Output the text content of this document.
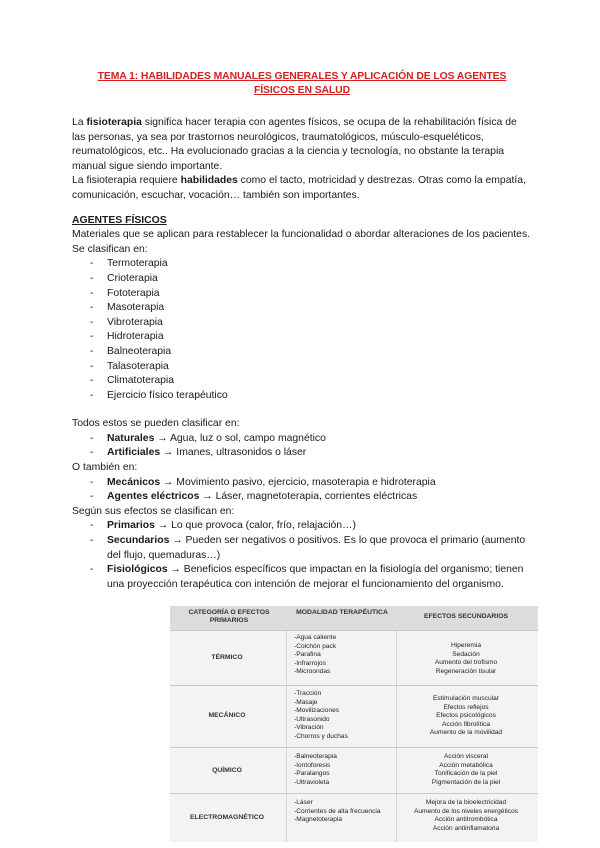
TEMA 1: HABILIDADES MANUALES GENERALES Y APLICACIÓN DE LOS AGENTES
FÍSICOS EN SALUD

La fisioterapia significa hacer terapia con agentes físicos, se ocupa de la rehabilitación física de las personas, ya sea por trastornos neurológicos, traumatológicos, músculo-esqueléticos, reumatológicos, etc.. Ha evolucionado gracias a la ciencia y tecnología, no obstante la terapia manual sigue siendo importante.

La fisioterapia requiere habilidades como el tacto, motricidad y destrezas. Otras como la empatía, comunicación, escuchar, vocación… también son importantes.

AGENTES FÍSICOS

Materiales que se aplican para restablecer la funcionalidad o abordar alteraciones de los pacientes. Se clasifican en:

- Termoterapia
- Crioterapia
- Fototerapia
- Masoterapia
- Vibroterapia
- Hidroterapia
- Balneoterapia
- Talasoterapia
- Climatoterapia
- Ejercicio físico terapéutico

Todos estos se pueden clasificar en:

- Naturales → Agua, luz o sol, campo magnético
- Artificiales → Imanes, ultrasonidos o láser

O también en:

- Mecánicos → Movimiento pasivo, ejercicio, masoterapia e hidroterapia
- Agentes eléctricos → Láser, magnetoterapia, corrientes eléctricas

Según sus efectos se clasifican en:

- Primarios → Lo que provoca (calor, frío, relajación…)
- Secundarios → Pueden ser negativos o positivos. Es lo que provoca el primario (aumento del flujo, quemaduras…)
- Fisiológicos → Beneficios específicos que impactan en la fisiología del organismo; tienen una proyección terapéutica con intención de mejorar el funcionamiento del organismo.
CATEGORÍA O EFECTOS PRIMARIOS
MODALIDAD TERAPÉUTICA
EFECTOS SECUNDARIOS
TÉRMICO
-Agua caliente
-Colchón pack
-Parafina
-Infrarrojos
-Microondas
Hiperemia
Sedación
Aumento del trofismo
Regeneración tisular
MECÁNICO
-Tracción
-Masaje
-Movilizaciones
-Ultrasonido
-Vibración
-Chorros y duchas
Estimulación muscular
Efectos reflejos
Efectos psicológicos
Acción fibrolítica
Aumento de la movilidad
QUÍMICO
-Balneoterapia
-Iontoforesis
-Paralangos
-Ultravioleta
Acción visceral
Acción metabólica
Tonificación de la piel
Pigmentación de la piel
ELECTROMAGNÉTICO
-Láser
-Corrientes de alta frecuencia
-Magnetoterapia
Mejora de la bioelectricidad
Aumento de los niveles energéticos
Acción antitrombótica
Acción antiinflamatoria
